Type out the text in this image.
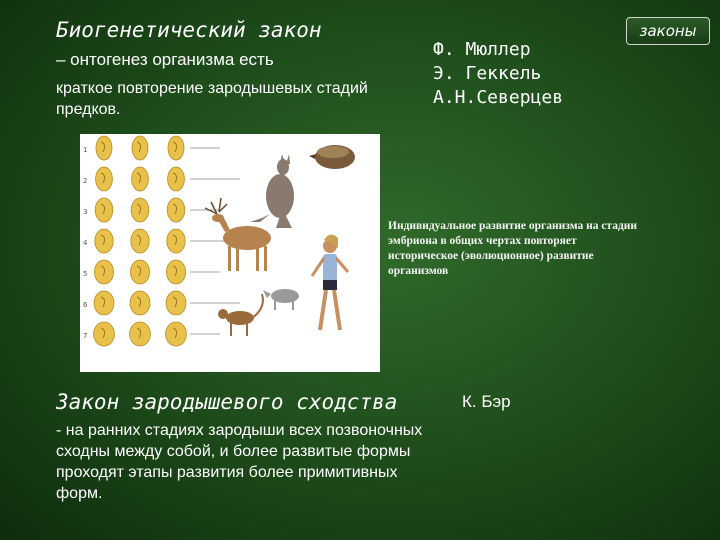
Биогенетический закон
– онтогенез организма есть
краткое повторение зародышевых стадий предков.
Ф. Мюллер
Э. Геккель
А.Н.Северцев
законы
1
2
3
4
5
6
7
Индивидуальное развитие организма на стадии эмбриона в общих чертах повторяет историческое (эволюционное) развитие организмов
Закон зародышевого сходства	К. Бэр
- на ранних стадиях зародыши всех позвоночных сходны между собой, и более развитые формы проходят этапы развития более примитивных форм.
